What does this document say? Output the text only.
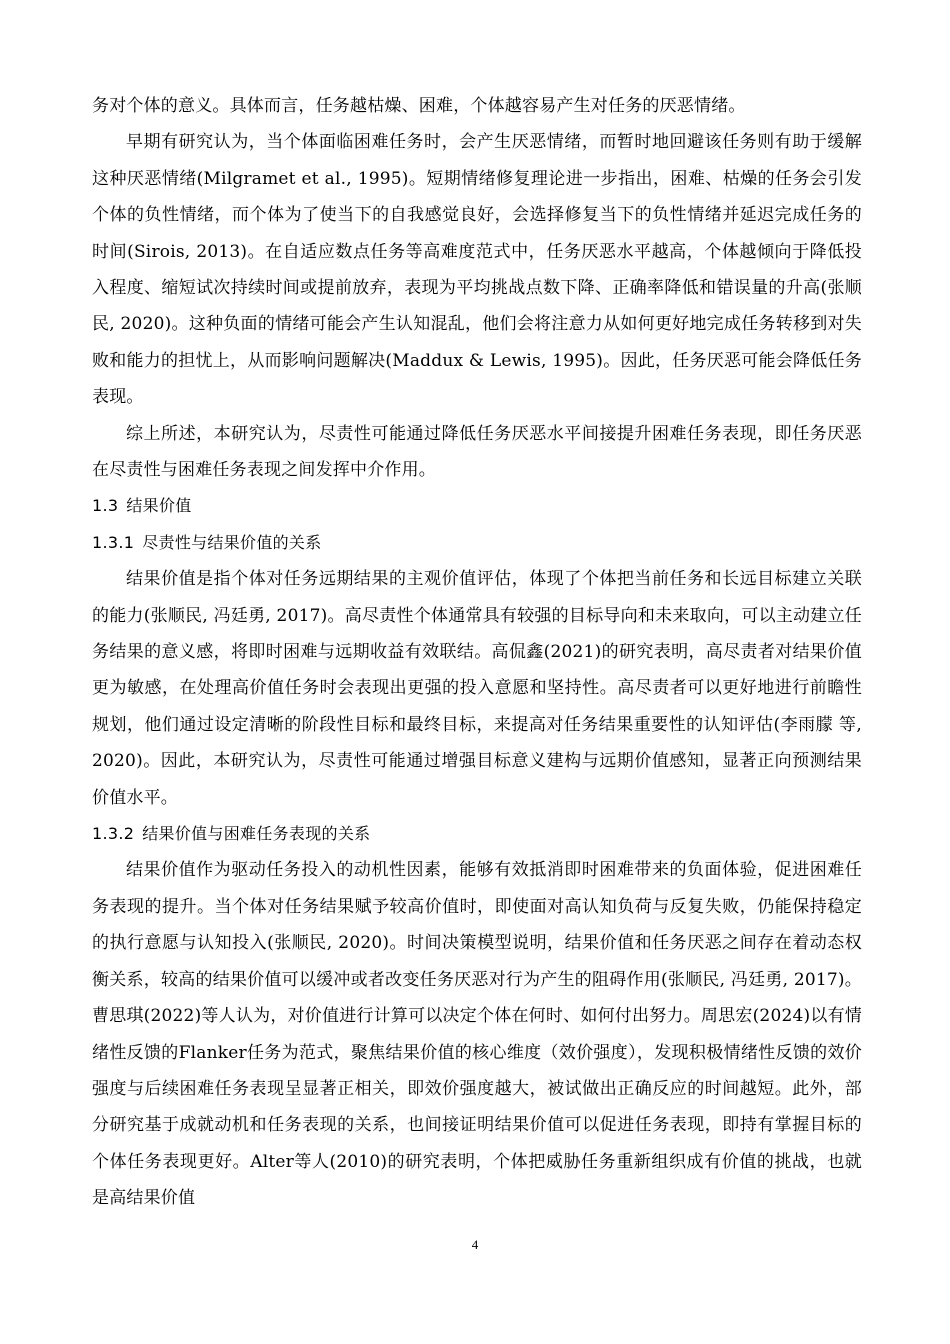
务对个体的意义。具体而言，任务越枯燥、困难，个体越容易产生对任务的厌恶情绪。

早期有研究认为，当个体面临困难任务时，会产生厌恶情绪，而暂时地回避该任务则有助于缓解这种厌恶情绪(Milgramet et al., 1995)。短期情绪修复理论进一步指出，困难、枯燥的任务会引发个体的负性情绪，而个体为了使当下的自我感觉良好，会选择修复当下的负性情绪并延迟完成任务的时间(Sirois, 2013)。在自适应数点任务等高难度范式中，任务厌恶水平越高，个体越倾向于降低投入程度、缩短试次持续时间或提前放弃，表现为平均挑战点数下降、正确率降低和错误量的升高(张顺民, 2020)。这种负面的情绪可能会产生认知混乱，他们会将注意力从如何更好地完成任务转移到对失败和能力的担忧上，从而影响问题解决(Maddux & Lewis, 1995)。因此，任务厌恶可能会降低任务表现。

综上所述，本研究认为，尽责性可能通过降低任务厌恶水平间接提升困难任务表现，即任务厌恶在尽责性与困难任务表现之间发挥中介作用。

1.3 结果价值
1.3.1 尽责性与结果价值的关系

结果价值是指个体对任务远期结果的主观价值评估，体现了个体把当前任务和长远目标建立关联的能力(张顺民, 冯廷勇, 2017)。高尽责性个体通常具有较强的目标导向和未来取向，可以主动建立任务结果的意义感，将即时困难与远期收益有效联结。高侃鑫(2021)的研究表明，高尽责者对结果价值更为敏感，在处理高价值任务时会表现出更强的投入意愿和坚持性。高尽责者可以更好地进行前瞻性规划，他们通过设定清晰的阶段性目标和最终目标，来提高对任务结果重要性的认知评估(李雨朦 等, 2020)。因此，本研究认为，尽责性可能通过增强目标意义建构与远期价值感知，显著正向预测结果价值水平。

1.3.2 结果价值与困难任务表现的关系

结果价值作为驱动任务投入的动机性因素，能够有效抵消即时困难带来的负面体验，促进困难任务表现的提升。当个体对任务结果赋予较高价值时，即使面对高认知负荷与反复失败，仍能保持稳定的执行意愿与认知投入(张顺民, 2020)。时间决策模型说明，结果价值和任务厌恶之间存在着动态权衡关系，较高的结果价值可以缓冲或者改变任务厌恶对行为产生的阻碍作用(张顺民, 冯廷勇, 2017)。曹思琪(2022)等人认为，对价值进行计算可以决定个体在何时、如何付出努力。周思宏(2024)以有情绪性反馈的Flanker任务为范式，聚焦结果价值的核心维度（效价强度），发现积极情绪性反馈的效价强度与后续困难任务表现呈显著正相关，即效价强度越大，被试做出正确反应的时间越短。此外，部分研究基于成就动机和任务表现的关系，也间接证明结果价值可以促进任务表现，即持有掌握目标的个体任务表现更好。Alter等人(2010)的研究表明，个体把威胁任务重新组织成有价值的挑战，也就是高结果价值

4
